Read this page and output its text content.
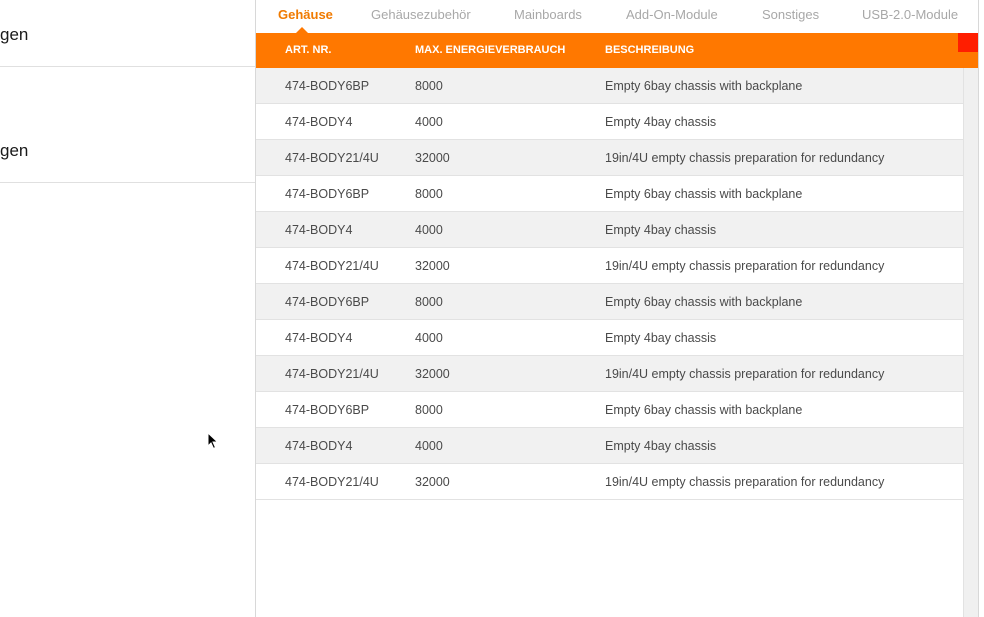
gen
gen
Gehäuse	Gehäusezubehör	Mainboards	Add-On-Module	Sonstiges	USB-2.0-Module
ART. NR.	MAX. ENERGIEVERBRAUCH	BESCHREIBUNG
474-BODY6BP	8000	Empty 6bay chassis with backplane
474-BODY4	4000	Empty 4bay chassis
474-BODY21/4U	32000	19in/4U empty chassis preparation for redundancy
474-BODY6BP	8000	Empty 6bay chassis with backplane
474-BODY4	4000	Empty 4bay chassis
474-BODY21/4U	32000	19in/4U empty chassis preparation for redundancy
474-BODY6BP	8000	Empty 6bay chassis with backplane
474-BODY4	4000	Empty 4bay chassis
474-BODY21/4U	32000	19in/4U empty chassis preparation for redundancy
474-BODY6BP	8000	Empty 6bay chassis with backplane
474-BODY4	4000	Empty 4bay chassis
474-BODY21/4U	32000	19in/4U empty chassis preparation for redundancy
